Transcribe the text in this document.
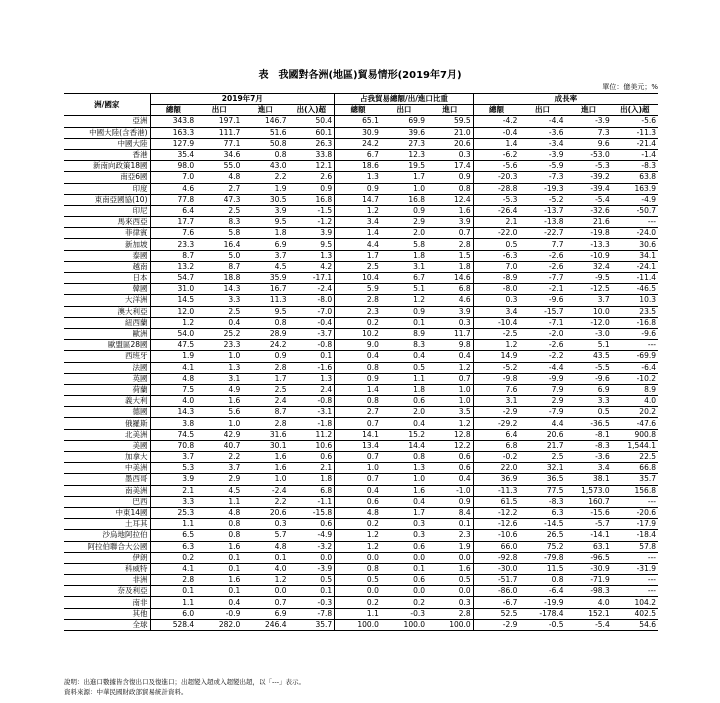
表　我國對各洲(地區)貿易情形(2019年7月)
單位：億美元；%
洲/國家	2019年7月				占我貿易總額/出/進口比重			成長率			
	總額	出口	進口	出(入)超	總額	出口	進口	總額	出口	進口	出(入)超
亞洲	343.8	197.1	146.7	50.4	65.1	69.9	59.5	-4.2	-4.4	-3.9	-5.6
中國大陸(含香港)	163.3	111.7	51.6	60.1	30.9	39.6	21.0	-0.4	-3.6	7.3	-11.3
中國大陸	127.9	77.1	50.8	26.3	24.2	27.3	20.6	1.4	-3.4	9.6	-21.4
香港	35.4	34.6	0.8	33.8	6.7	12.3	0.3	-6.2	-3.9	-53.0	-1.4
新南向政策18國	98.0	55.0	43.0	12.1	18.6	19.5	17.4	-5.6	-5.9	-5.3	-8.3
南亞6國	7.0	4.8	2.2	2.6	1.3	1.7	0.9	-20.3	-7.3	-39.2	63.8
印度	4.6	2.7	1.9	0.9	0.9	1.0	0.8	-28.8	-19.3	-39.4	163.9
東南亞國協(10)	77.8	47.3	30.5	16.8	14.7	16.8	12.4	-5.3	-5.2	-5.4	-4.9
印尼	6.4	2.5	3.9	-1.5	1.2	0.9	1.6	-26.4	-13.7	-32.6	-50.7
馬來西亞	17.7	8.3	9.5	-1.2	3.4	2.9	3.9	2.1	-13.8	21.6	---
菲律賓	7.6	5.8	1.8	3.9	1.4	2.0	0.7	-22.0	-22.7	-19.8	-24.0
新加坡	23.3	16.4	6.9	9.5	4.4	5.8	2.8	0.5	7.7	-13.3	30.6
泰國	8.7	5.0	3.7	1.3	1.7	1.8	1.5	-6.3	-2.6	-10.9	34.1
越南	13.2	8.7	4.5	4.2	2.5	3.1	1.8	7.0	-2.6	32.4	-24.1
日本	54.7	18.8	35.9	-17.1	10.4	6.7	14.6	-8.9	-7.7	-9.5	-11.4
韓國	31.0	14.3	16.7	-2.4	5.9	5.1	6.8	-8.0	-2.1	-12.5	-46.5
大洋洲	14.5	3.3	11.3	-8.0	2.8	1.2	4.6	0.3	-9.6	3.7	10.3
澳大利亞	12.0	2.5	9.5	-7.0	2.3	0.9	3.9	3.4	-15.7	10.0	23.5
紐西蘭	1.2	0.4	0.8	-0.4	0.2	0.1	0.3	-10.4	-7.1	-12.0	-16.8
歐洲	54.0	25.2	28.9	-3.7	10.2	8.9	11.7	-2.5	-2.0	-3.0	-9.6
歐盟區28國	47.5	23.3	24.2	-0.8	9.0	8.3	9.8	1.2	-2.6	5.1	---
西班牙	1.9	1.0	0.9	0.1	0.4	0.4	0.4	14.9	-2.2	43.5	-69.9
法國	4.1	1.3	2.8	-1.6	0.8	0.5	1.2	-5.2	-4.4	-5.5	-6.4
英國	4.8	3.1	1.7	1.3	0.9	1.1	0.7	-9.8	-9.9	-9.6	-10.2
荷蘭	7.5	4.9	2.5	2.4	1.4	1.8	1.0	7.6	7.9	6.9	8.9
義大利	4.0	1.6	2.4	-0.8	0.8	0.6	1.0	3.1	2.9	3.3	4.0
德國	14.3	5.6	8.7	-3.1	2.7	2.0	3.5	-2.9	-7.9	0.5	20.2
俄羅斯	3.8	1.0	2.8	-1.8	0.7	0.4	1.2	-29.2	4.4	-36.5	-47.6
北美洲	74.5	42.9	31.6	11.2	14.1	15.2	12.8	6.4	20.6	-8.1	900.8
美國	70.8	40.7	30.1	10.6	13.4	14.4	12.2	6.8	21.7	-8.3	1,544.1
加拿大	3.7	2.2	1.6	0.6	0.7	0.8	0.6	-0.2	2.5	-3.6	22.5
中美洲	5.3	3.7	1.6	2.1	1.0	1.3	0.6	22.0	32.1	3.4	66.8
墨西哥	3.9	2.9	1.0	1.8	0.7	1.0	0.4	36.9	36.5	38.1	35.7
南美洲	2.1	4.5	-2.4	6.8	0.4	1.6	-1.0	-11.3	77.5	1,573.0	156.8
巴西	3.3	1.1	2.2	-1.1	0.6	0.4	0.9	61.5	-8.3	160.7	---
中東14國	25.3	4.8	20.6	-15.8	4.8	1.7	8.4	-12.2	6.3	-15.6	-20.6
土耳其	1.1	0.8	0.3	0.6	0.2	0.3	0.1	-12.6	-14.5	-5.7	-17.9
沙烏地阿拉伯	6.5	0.8	5.7	-4.9	1.2	0.3	2.3	-10.6	26.5	-14.1	-18.4
阿拉伯聯合大公國	6.3	1.6	4.8	-3.2	1.2	0.6	1.9	66.0	75.2	63.1	57.8
伊朗	0.2	0.1	0.1	0.0	0.0	0.0	0.0	-92.8	-79.8	-96.5	---
科威特	4.1	0.1	4.0	-3.9	0.8	0.1	1.6	-30.0	11.5	-30.9	-31.9
非洲	2.8	1.6	1.2	0.5	0.5	0.6	0.5	-51.7	0.8	-71.9	---
奈及利亞	0.1	0.1	0.0	0.1	0.0	0.0	0.0	-86.0	-6.4	-98.3	---
南非	1.1	0.4	0.7	-0.3	0.2	0.2	0.3	-6.7	-19.9	4.0	104.2
其他	6.0	-0.9	6.9	-7.8	1.1	-0.3	2.8	52.5	-178.4	152.1	402.5
全球	528.4	282.0	246.4	35.7	100.0	100.0	100.0	-2.9	-0.5	-5.4	54.6
說明：出進口數據皆含復出口及復進口；出超變入超或入超變出超，以「---」表示。
資料來源：中華民國財政部貿易統計資料。
